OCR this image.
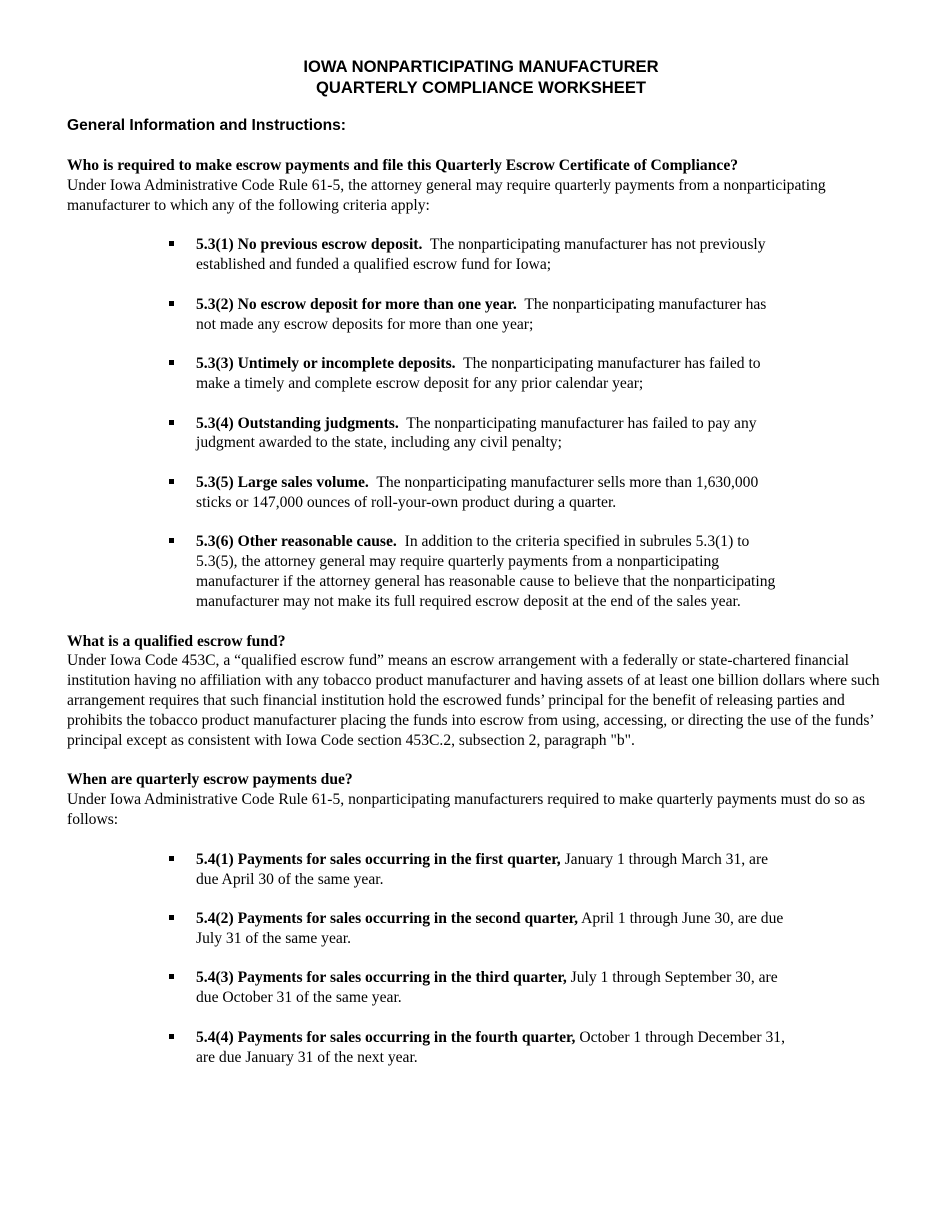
IOWA NONPARTICIPATING MANUFACTURER
QUARTERLY COMPLIANCE WORKSHEET
General Information and Instructions:

Who is required to make escrow payments and file this Quarterly Escrow Certificate of Compliance?

Under Iowa Administrative Code Rule 61-5, the attorney general may require quarterly payments from a nonparticipating manufacturer to which any of the following criteria apply:

5.3(1) No previous escrow deposit. The nonparticipating manufacturer has not previously established and funded a qualified escrow fund for Iowa;
5.3(2) No escrow deposit for more than one year. The nonparticipating manufacturer has not made any escrow deposits for more than one year;
5.3(3) Untimely or incomplete deposits. The nonparticipating manufacturer has failed to make a timely and complete escrow deposit for any prior calendar year;
5.3(4) Outstanding judgments. The nonparticipating manufacturer has failed to pay any judgment awarded to the state, including any civil penalty;
5.3(5) Large sales volume. The nonparticipating manufacturer sells more than 1,630,000 sticks or 147,000 ounces of roll-your-own product during a quarter.
5.3(6) Other reasonable cause. In addition to the criteria specified in subrules 5.3(1) to 5.3(5), the attorney general may require quarterly payments from a nonparticipating manufacturer if the attorney general has reasonable cause to believe that the nonparticipating manufacturer may not make its full required escrow deposit at the end of the sales year.

What is a qualified escrow fund?

Under Iowa Code 453C, a “qualified escrow fund” means an escrow arrangement with a federally or state-chartered financial institution having no affiliation with any tobacco product manufacturer and having assets of at least one billion dollars where such arrangement requires that such financial institution hold the escrowed funds’ principal for the benefit of releasing parties and prohibits the tobacco product manufacturer placing the funds into escrow from using, accessing, or directing the use of the funds’ principal except as consistent with Iowa Code section 453C.2, subsection 2, paragraph "b".

When are quarterly escrow payments due?

Under Iowa Administrative Code Rule 61-5, nonparticipating manufacturers required to make quarterly payments must do so as follows:

5.4(1) Payments for sales occurring in the first quarter, January 1 through March 31, are due April 30 of the same year.
5.4(2) Payments for sales occurring in the second quarter, April 1 through June 30, are due July 31 of the same year.
5.4(3) Payments for sales occurring in the third quarter, July 1 through September 30, are due October 31 of the same year.
5.4(4) Payments for sales occurring in the fourth quarter, October 1 through December 31, are due January 31 of the next year.
